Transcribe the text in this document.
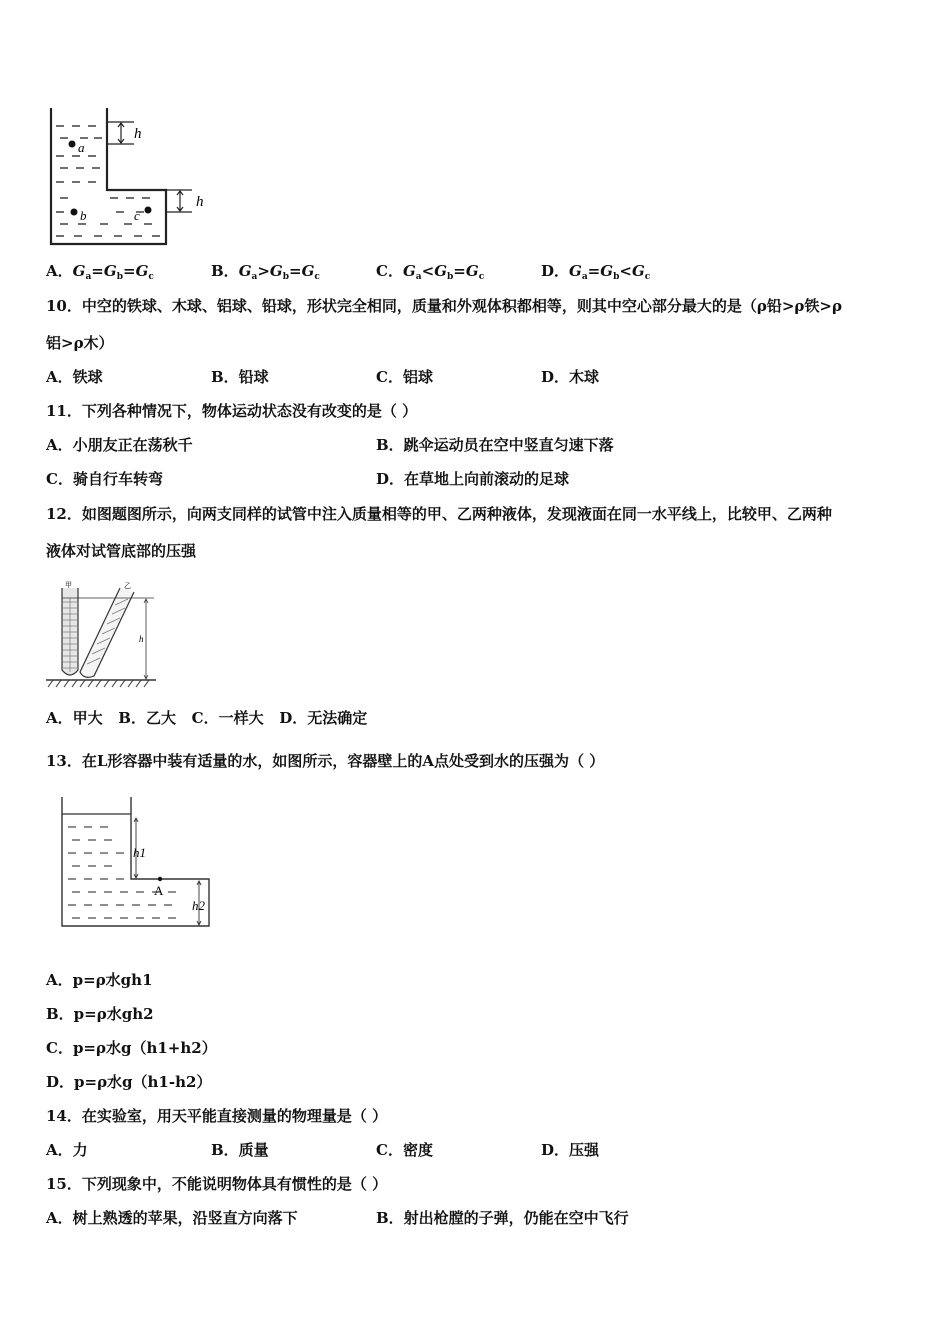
a
b	c
h
h
A．$G_a=G_b=G_c$	B．$G_a>G_b=G_c$	C．$G_a<G_b=G_c$	D．$G_a=G_b<G_c$
10．中空的铁球、木球、铝球、铅球，形状完全相同，质量和外观体积都相等，则其中空心部分最大的是（ρ铅>ρ铁>ρ
铝>ρ木）
A．铁球	B．铅球	C．铝球	D．木球
11．下列各种情况下，物体运动状态没有改变的是（ ）
A．小朋友正在荡秋千	B．跳伞运动员在空中竖直匀速下落
C．骑自行车转弯	D．在草地上向前滚动的足球
12．如图题图所示，向两支同样的试管中注入质量相等的甲、乙两种液体，发现液面在同一水平线上，比较甲、乙两种
液体对试管底部的压强
h
甲	乙
A．甲大   B．乙大   C．一样大   D．无法确定
13．在L形容器中装有适量的水，如图所示，容器壁上的A点处受到水的压强为（ ）
A
h1
h2
A．p=ρ水gh1
B．p=ρ水gh2
C．p=ρ水g（h1+h2）
D．p=ρ水g（h1-h2）
14．在实验室，用天平能直接测量的物理量是（ ）
A．力	B．质量	C．密度	D．压强
15．下列现象中，不能说明物体具有惯性的是（ ）
A．树上熟透的苹果，沿竖直方向落下	B．射出枪膛的子弹，仍能在空中飞行
